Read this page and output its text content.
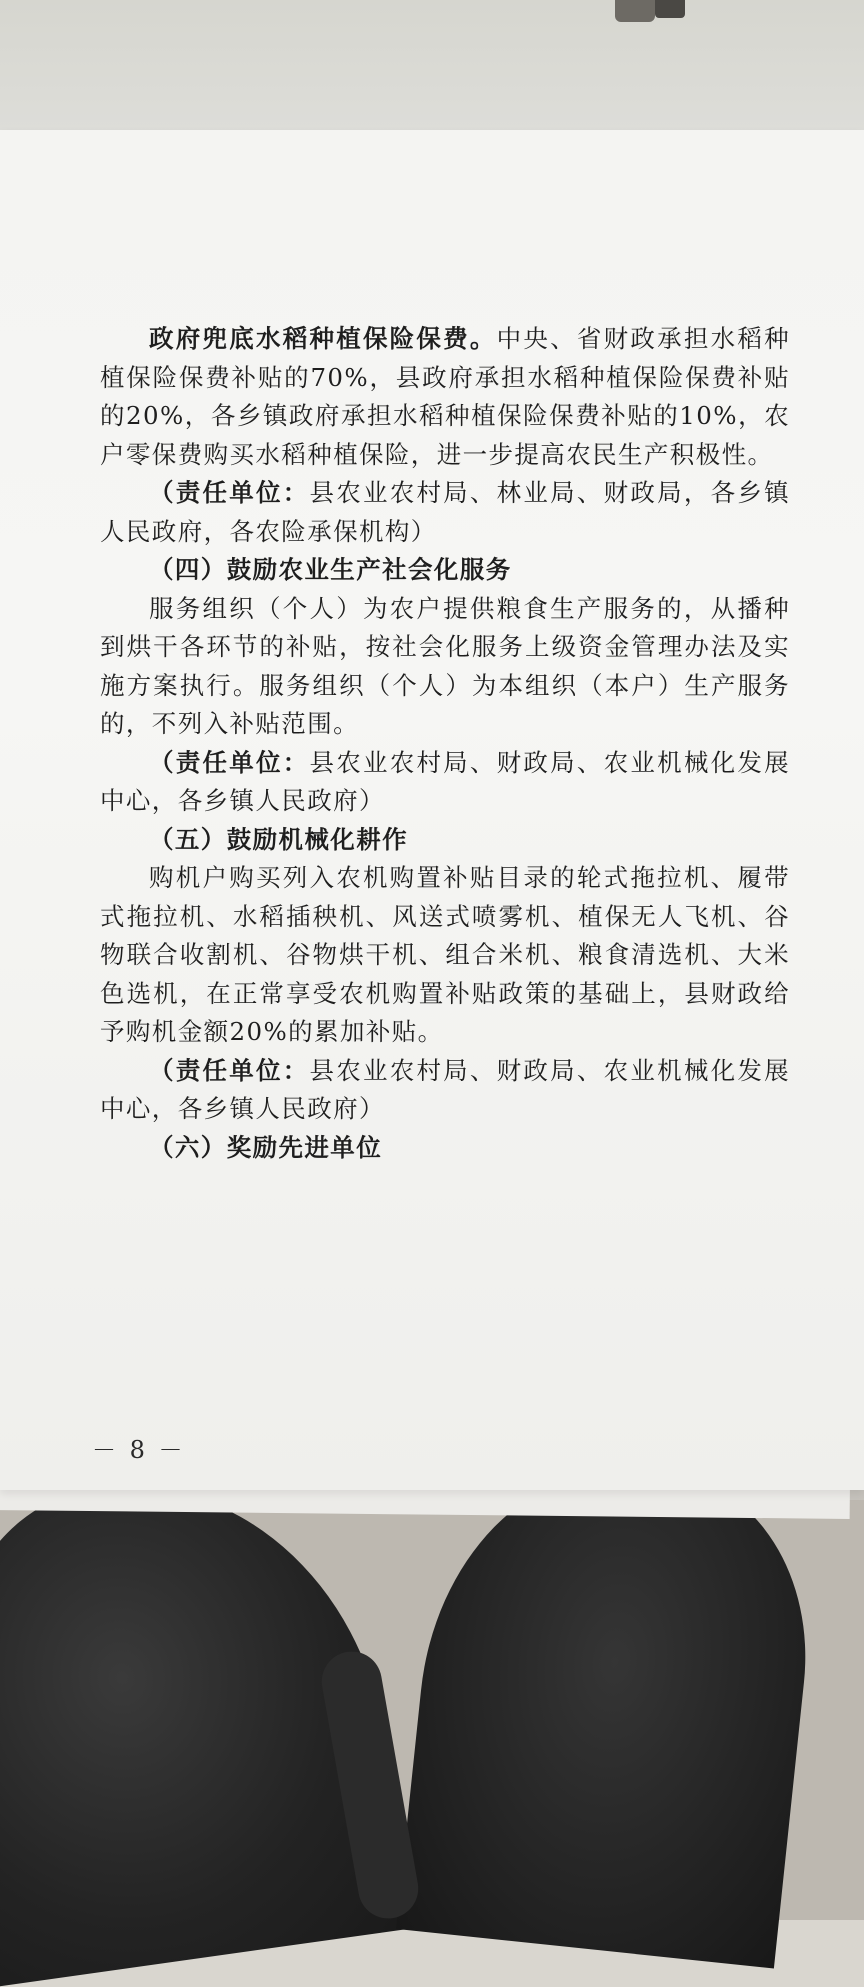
政府兜底水稻种植保险保费。中央、省财政承担水稻种植保险保费补贴的70%，县政府承担水稻种植保险保费补贴的20%，各乡镇政府承担水稻种植保险保费补贴的10%，农户零保费购买水稻种植保险，进一步提高农民生产积极性。

（责任单位：县农业农村局、林业局、财政局，各乡镇人民政府，各农险承保机构）

（四）鼓励农业生产社会化服务

服务组织（个人）为农户提供粮食生产服务的，从播种到烘干各环节的补贴，按社会化服务上级资金管理办法及实施方案执行。服务组织（个人）为本组织（本户）生产服务的，不列入补贴范围。

（责任单位：县农业农村局、财政局、农业机械化发展中心，各乡镇人民政府）

（五）鼓励机械化耕作

购机户购买列入农机购置补贴目录的轮式拖拉机、履带式拖拉机、水稻插秧机、风送式喷雾机、植保无人飞机、谷物联合收割机、谷物烘干机、组合米机、粮食清选机、大米色选机，在正常享受农机购置补贴政策的基础上，县财政给予购机金额20%的累加补贴。

（责任单位：县农业农村局、财政局、农业机械化发展中心，各乡镇人民政府）

（六）奖励先进单位

－ 8 －
